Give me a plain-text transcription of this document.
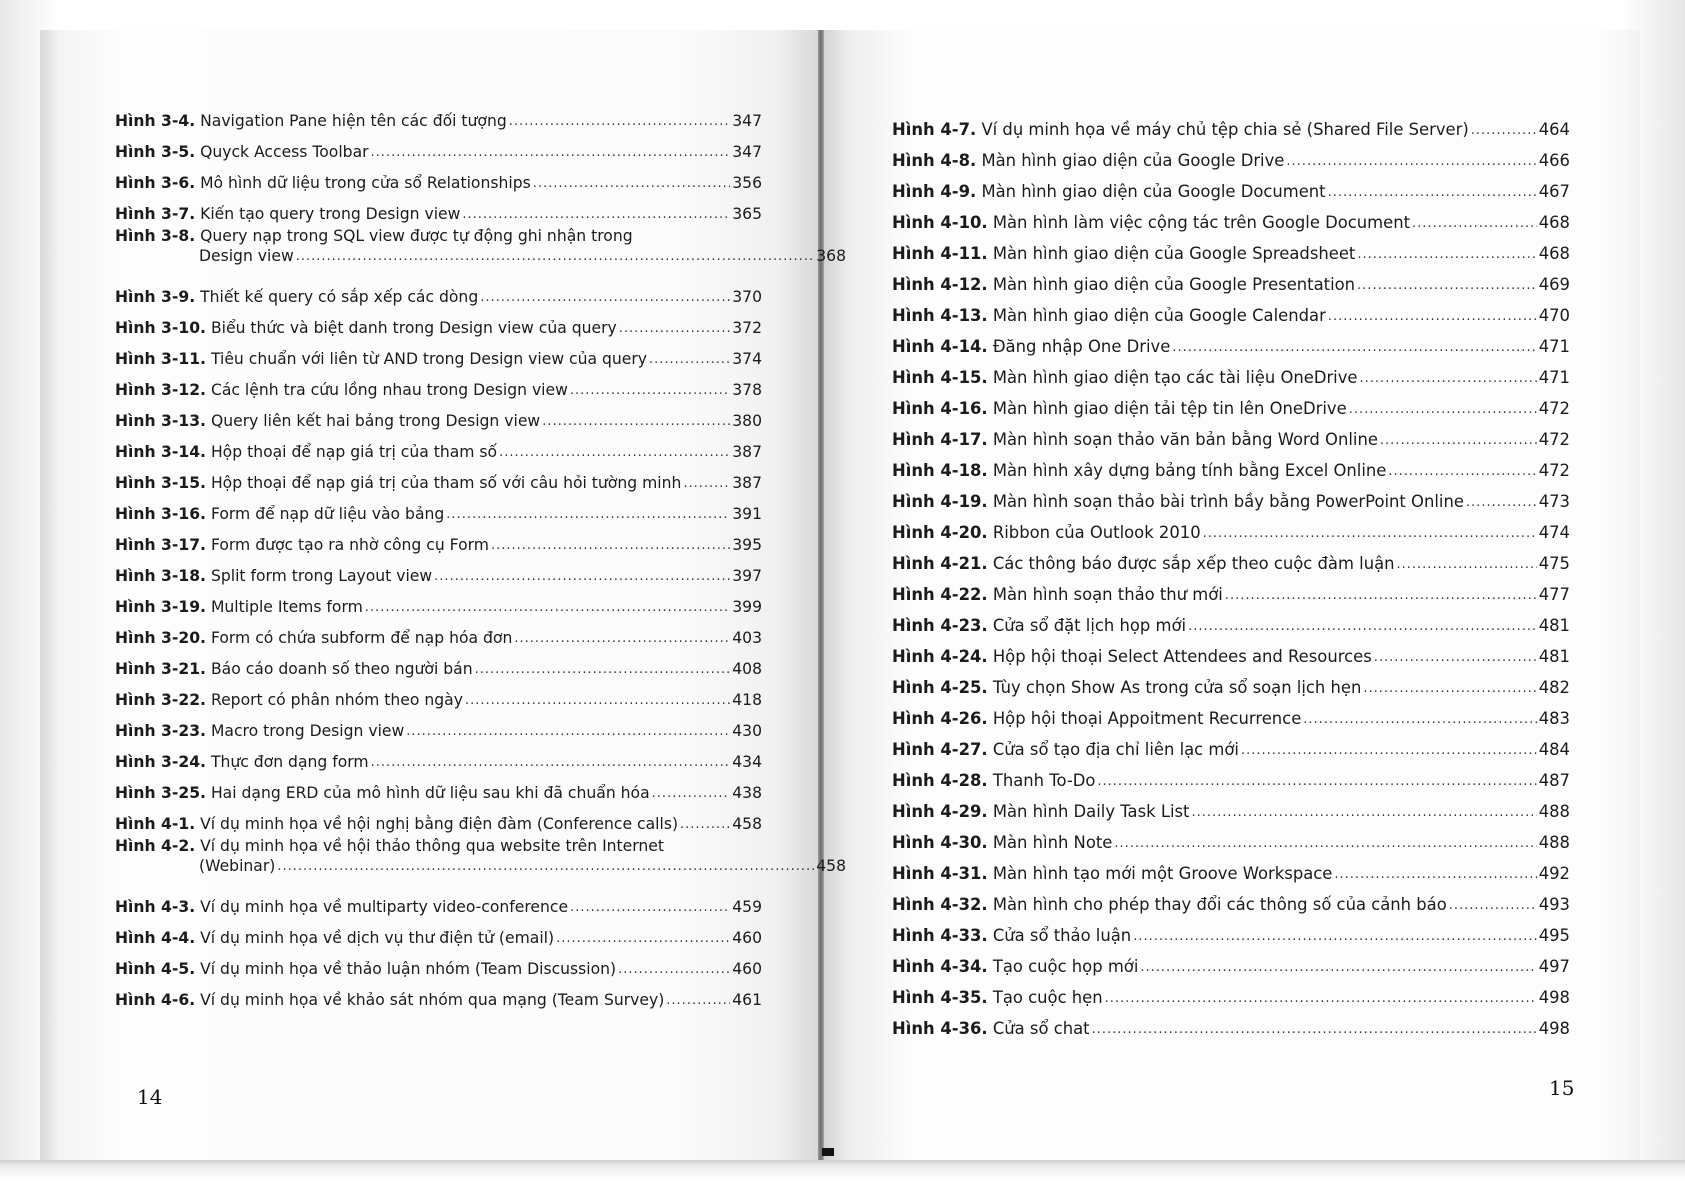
Hình 3-4. Navigation Pane hiện tên các đối tượng .....	347
Hình 3-5. Quyck Access Toolbar .....	347
Hình 3-6. Mô hình dữ liệu trong cửa sổ Relationships .....	356
Hình 3-7. Kiến tạo query trong Design view .....	365
Hình 3-8. Query nạp trong SQL view được tự động ghi nhận trong
Design view .....	368
Hình 3-9. Thiết kế query có sắp xếp các dòng .....	370
Hình 3-10. Biểu thức và biệt danh trong Design view của query .....	372
Hình 3-11. Tiêu chuẩn với liên từ AND trong Design view của query .....	374
Hình 3-12. Các lệnh tra cứu lồng nhau trong Design view .....	378
Hình 3-13. Query liên kết hai bảng trong Design view .....	380
Hình 3-14. Hộp thoại để nạp giá trị của tham số .....	387
Hình 3-15. Hộp thoại để nạp giá trị của tham số với câu hỏi tường minh .....	387
Hình 3-16. Form để nạp dữ liệu vào bảng .....	391
Hình 3-17. Form được tạo ra nhờ công cụ Form .....	395
Hình 3-18. Split form trong Layout view .....	397
Hình 3-19. Multiple Items form .....	399
Hình 3-20. Form có chứa subform để nạp hóa đơn .....	403
Hình 3-21. Báo cáo doanh số theo người bán .....	408
Hình 3-22. Report có phân nhóm theo ngày .....	418
Hình 3-23. Macro trong Design view .....	430
Hình 3-24. Thực đơn dạng form .....	434
Hình 3-25. Hai dạng ERD của mô hình dữ liệu sau khi đã chuẩn hóa .....	438
Hình 4-1. Ví dụ minh họa về hội nghị bằng điện đàm (Conference calls) .....	458
Hình 4-2. Ví dụ minh họa về hội thảo thông qua website trên Internet
(Webinar) .....	458
Hình 4-3. Ví dụ minh họa về multiparty video-conference .....	459
Hình 4-4. Ví dụ minh họa về dịch vụ thư điện tử (email) .....	460
Hình 4-5. Ví dụ minh họa về thảo luận nhóm (Team Discussion) .....	460
Hình 4-6. Ví dụ minh họa về khảo sát nhóm qua mạng (Team Survey) .....	461
Hình 4-7. Ví dụ minh họa về máy chủ tệp chia sẻ (Shared File Server) .....	464
Hình 4-8. Màn hình giao diện của Google Drive .....	466
Hình 4-9. Màn hình giao diện của Google Document .....	467
Hình 4-10. Màn hình làm việc cộng tác trên Google Document .....	468
Hình 4-11. Màn hình giao diện của Google Spreadsheet .....	468
Hình 4-12. Màn hình giao diện của Google Presentation .....	469
Hình 4-13. Màn hình giao diện của Google Calendar .....	470
Hình 4-14. Đăng nhập One Drive .....	471
Hình 4-15. Màn hình giao diện tạo các tài liệu OneDrive .....	471
Hình 4-16. Màn hình giao diện tải tệp tin lên OneDrive .....	472
Hình 4-17. Màn hình soạn thảo văn bản bằng Word Online .....	472
Hình 4-18. Màn hình xây dựng bảng tính bằng Excel Online .....	472
Hình 4-19. Màn hình soạn thảo bài trình bầy bằng PowerPoint Online .....	473
Hình 4-20. Ribbon của Outlook 2010 .....	474
Hình 4-21. Các thông báo được sắp xếp theo cuộc đàm luận .....	475
Hình 4-22. Màn hình soạn thảo thư mới .....	477
Hình 4-23. Cửa sổ đặt lịch họp mới .....	481
Hình 4-24. Hộp hội thoại Select Attendees and Resources .....	481
Hình 4-25. Tùy chọn Show As trong cửa sổ soạn lịch hẹn .....	482
Hình 4-26. Hộp hội thoại Appoitment Recurrence .....	483
Hình 4-27. Cửa sổ tạo địa chỉ liên lạc mới .....	484
Hình 4-28. Thanh To-Do .....	487
Hình 4-29. Màn hình Daily Task List .....	488
Hình 4-30. Màn hình Note .....	488
Hình 4-31. Màn hình tạo mới một Groove Workspace .....	492
Hình 4-32. Màn hình cho phép thay đổi các thông số của cảnh báo .....	493
Hình 4-33. Cửa sổ thảo luận .....	495
Hình 4-34. Tạo cuộc họp mới .....	497
Hình 4-35. Tạo cuộc hẹn .....	498
Hình 4-36. Cửa sổ chat .....	498
14	15
